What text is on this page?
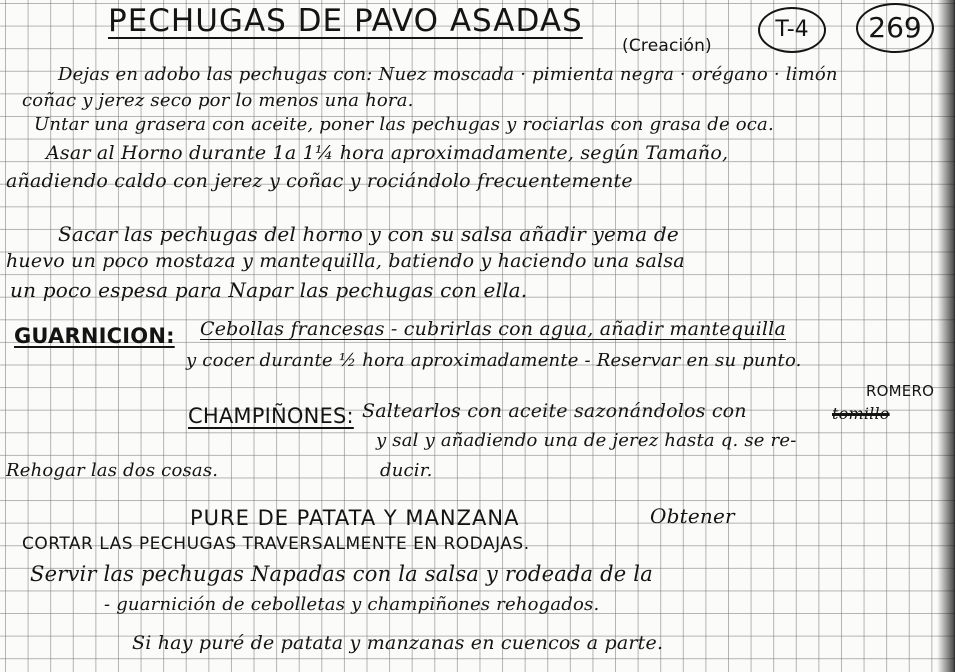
PECHUGAS DE PAVO ASADAS
(Creación)
T-4 269
Dejas en adobo las pechugas con: Nuez moscada · pimienta negra · orégano · limón
coñac y jerez seco por lo menos una hora.
Untar una grasera con aceite, poner las pechugas y rociarlas con grasa de oca.
Asar al Horno durante 1a 1¼ hora aproximadamente, según Tamaño,
añadiendo caldo con jerez y coñac y rociándolo frecuentemente
Sacar las pechugas del horno y con su salsa añadir yema de
huevo un poco mostaza y mantequilla, batiendo y haciendo una salsa
un poco espesa para Napar las pechugas con ella.
GUARNICION: Cebollas francesas - cubrirlas con agua, añadir mantequilla
y cocer durante ½ hora aproximadamente - Reservar en su punto.
CHAMPIÑONES: Saltearlos con aceite sazonándolos con	tomillo
ROMERO
y sal y añadiendo una de jerez hasta q. se re-
ducir.
Rehogar las dos cosas.
PURE DE PATATA Y MANZANA	Obtener
CORTAR LAS PECHUGAS TRAVERSALMENTE EN RODAJAS.
Servir las pechugas Napadas con la salsa y rodeada de la
- guarnición de cebolletas y champiñones rehogados.
Si hay puré de patata y manzanas en cuencos a parte.
